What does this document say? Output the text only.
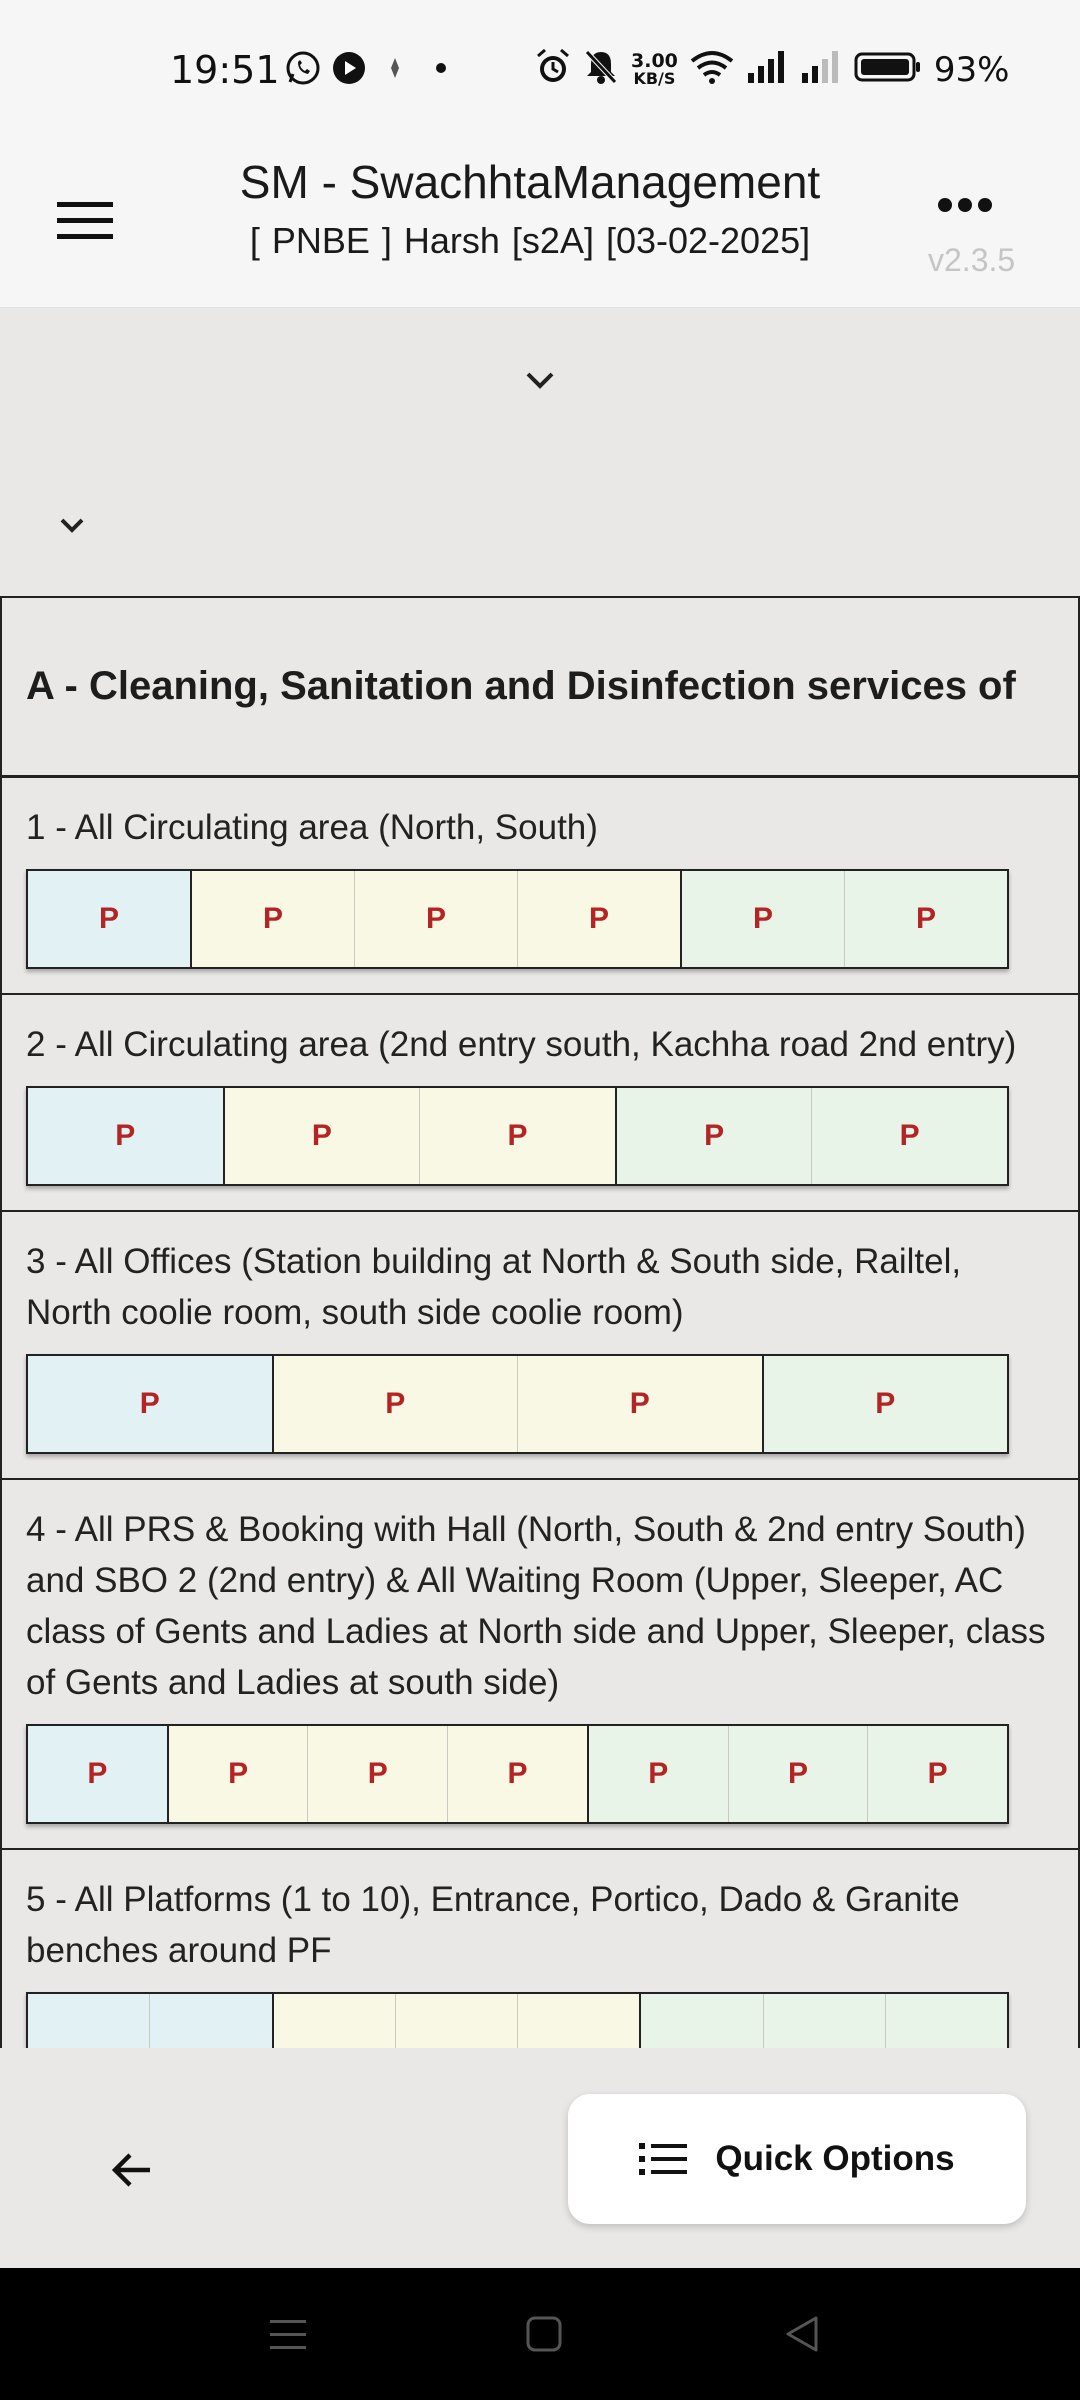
19:51	3.00
KB/S	93%
SM - SwachhtaManagement
[ PNBE ] Harsh [s2A] [03-02-2025]	v2.3.5
A - Cleaning, Sanitation and Disinfection services of
1 - All Circulating area (North, South)
P	P	P	P	P	P
2 - All Circulating area (2nd entry south, Kachha road 2nd entry)
P	P	P	P	P
3 - All Offices (Station building at North & South side, Railtel, North coolie room, south side coolie room)
P	P	P	P
4 - All PRS & Booking with Hall (North, South & 2nd entry South) and SBO 2 (2nd entry) & All Waiting Room (Upper, Sleeper, AC class of Gents and Ladies at North side and Upper, Sleeper, class of Gents and Ladies at south side)
P	P	P	P	P	P	P
5 - All Platforms (1 to 10), Entrance, Portico, Dado & Granite benches around PF
Quick Options
